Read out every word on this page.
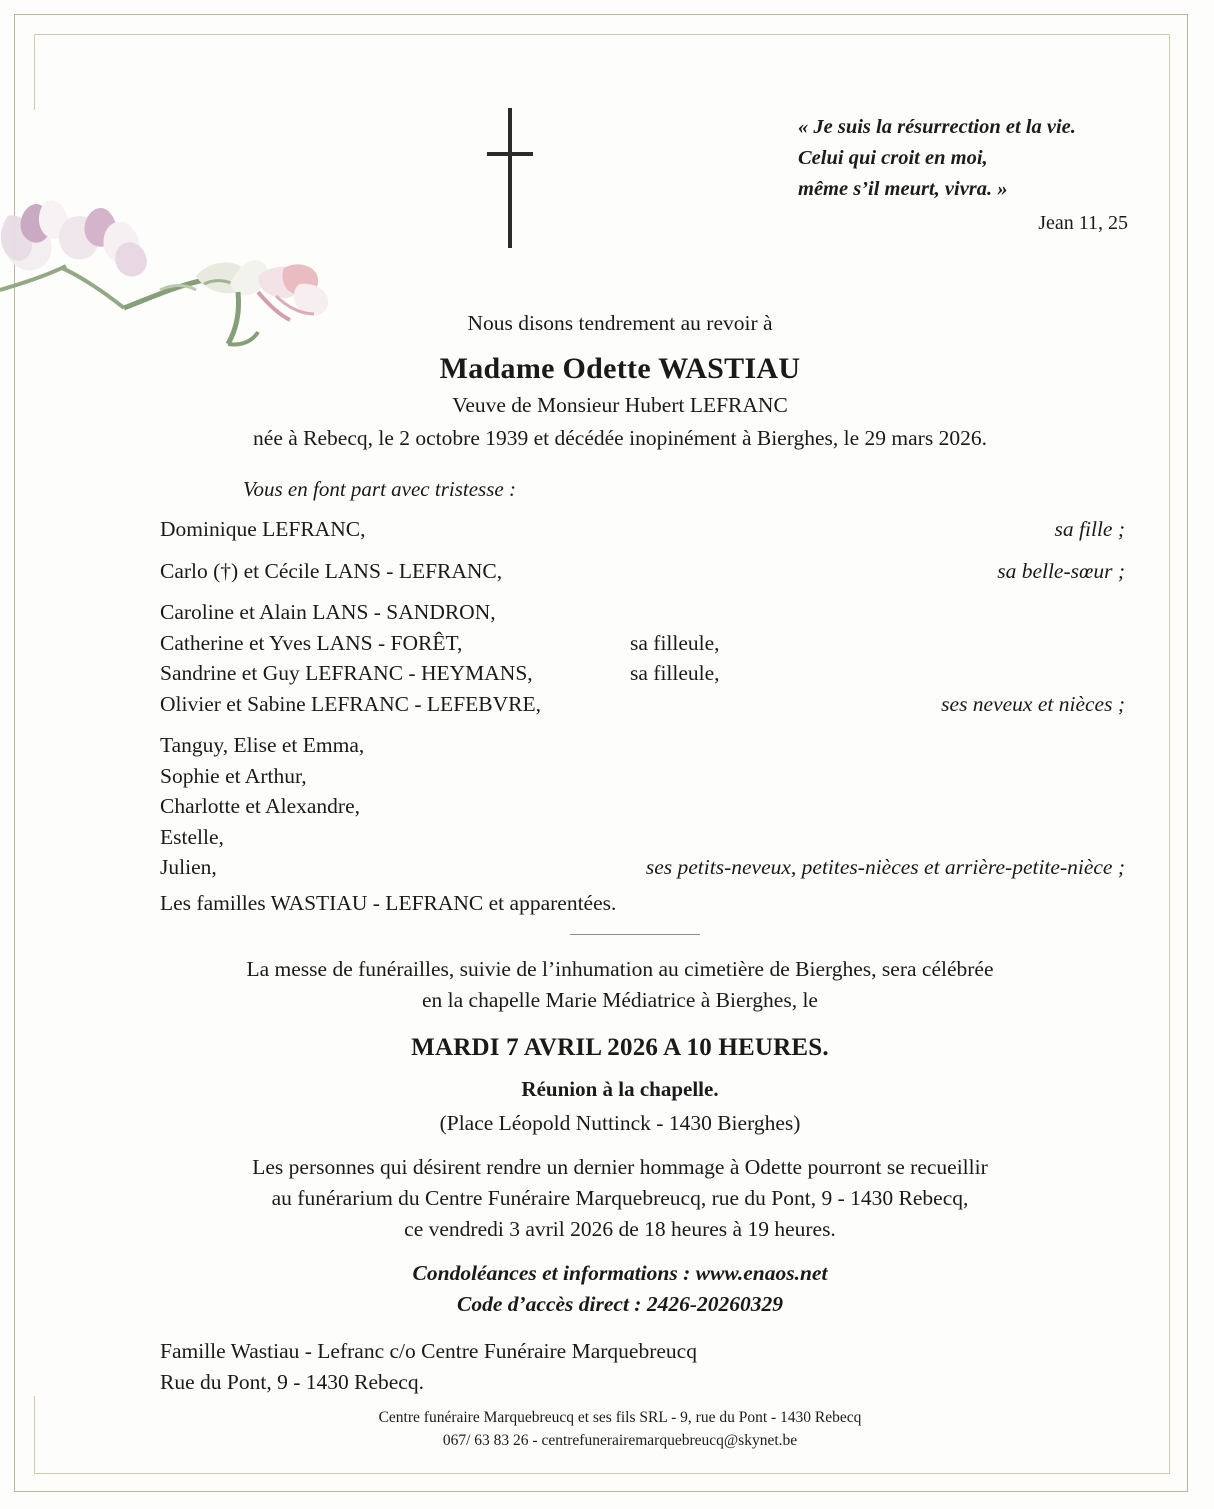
« Je suis la résurrection et la vie.
Celui qui croit en moi,
même s’il meurt, vivra. »
Jean 11, 25
Nous disons tendrement au revoir à
Madame Odette WASTIAU
Veuve de Monsieur Hubert LEFRANC
née à Rebecq, le 2 octobre 1939 et décédée inopinément à Bierghes, le 29 mars 2026.
Vous en font part avec tristesse :
Dominique LEFRANC,	sa fille ;
Carlo (†) et Cécile LANS - LEFRANC,	sa belle-sœur ;
Caroline et Alain LANS - SANDRON,
Catherine et Yves LANS - FORÊT,	sa filleule,
Sandrine et Guy LEFRANC - HEYMANS,	sa filleule,
Olivier et Sabine LEFRANC - LEFEBVRE,	ses neveux et nièces ;
Tanguy, Elise et Emma,
Sophie et Arthur,
Charlotte et Alexandre,
Estelle,
Julien,	ses petits-neveux, petites-nièces et arrière-petite-nièce ;
Les familles WASTIAU - LEFRANC et apparentées.
La messe de funérailles, suivie de l’inhumation au cimetière de Bierghes, sera célébrée
en la chapelle Marie Médiatrice à Bierghes, le
MARDI 7 AVRIL 2026 A 10 HEURES.
Réunion à la chapelle.
(Place Léopold Nuttinck - 1430 Bierghes)
Les personnes qui désirent rendre un dernier hommage à Odette pourront se recueillir
au funérarium du Centre Funéraire Marquebreucq, rue du Pont, 9 - 1430 Rebecq,
ce vendredi 3 avril 2026 de 18 heures à 19 heures.
Condoléances et informations : www.enaos.net
Code d’accès direct : 2426-20260329
Famille Wastiau - Lefranc c/o Centre Funéraire Marquebreucq
Rue du Pont, 9 - 1430 Rebecq.
Centre funéraire Marquebreucq et ses fils SRL - 9, rue du Pont - 1430 Rebecq
067/ 63 83 26 - centrefunerairemarquebreucq@skynet.be
